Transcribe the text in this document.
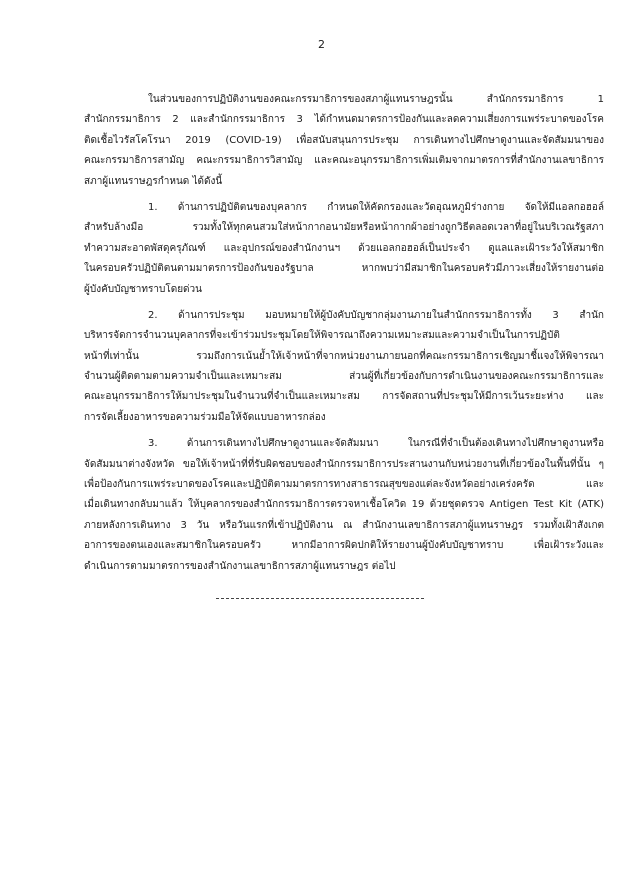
2
ในส่วนของการปฏิบัติงานของคณะกรรมาธิการของสภาผู้แทนราษฎรนั้น สำนักกรรมาธิการ 1
สำนักกรรมาธิการ 2 และสำนักกรรมาธิการ 3 ได้กำหนดมาตรการป้องกันและลดความเสี่ยงการแพร่ระบาดของโรค
ติดเชื้อไวรัสโคโรนา 2019 (COVID-19) เพื่อสนับสนุนการประชุม การเดินทางไปศึกษาดูงานและจัดสัมมนาของ
คณะกรรมาธิการสามัญ คณะกรรมาธิการวิสามัญ และคณะอนุกรรมาธิการเพิ่มเติมจากมาตรการที่สำนักงานเลขาธิการ
สภาผู้แทนราษฎรกำหนด ได้ดังนี้
1. ด้านการปฏิบัติตนของบุคลากร กำหนดให้คัดกรองและวัดอุณหภูมิร่างกาย จัดให้มีแอลกอฮอล์
สำหรับล้างมือ รวมทั้งให้ทุกคนสวมใส่หน้ากากอนามัยหรือหน้ากากผ้าอย่างถูกวิธีตลอดเวลาที่อยู่ในบริเวณรัฐสภา
ทำความสะอาดพัสดุครุภัณฑ์ และอุปกรณ์ของสำนักงานฯ ด้วยแอลกอฮอล์เป็นประจำ ดูแลและเฝ้าระวังให้สมาชิก
ในครอบครัวปฏิบัติตนตามมาตรการป้องกันของรัฐบาล หากพบว่ามีสมาชิกในครอบครัวมีภาวะเสี่ยงให้รายงานต่อ
ผู้บังคับบัญชาทราบโดยด่วน
2. ด้านการประชุม มอบหมายให้ผู้บังคับบัญชากลุ่มงานภายในสำนักกรรมาธิการทั้ง 3 สำนัก
บริหารจัดการจำนวนบุคลากรที่จะเข้าร่วมประชุมโดยให้พิจารณาถึงความเหมาะสมและความจำเป็นในการปฏิบัติ
หน้าที่เท่านั้น รวมถึงการเน้นย้ำให้เจ้าหน้าที่จากหน่วยงานภายนอกที่คณะกรรมาธิการเชิญมาชี้แจงให้พิจารณา
จำนวนผู้ติดตามตามความจำเป็นและเหมาะสม ส่วนผู้ที่เกี่ยวข้องกับการดำเนินงานของคณะกรรมาธิการและ
คณะอนุกรรมาธิการให้มาประชุมในจำนวนที่จำเป็นและเหมาะสม การจัดสถานที่ประชุมให้มีการเว้นระยะห่าง และ
การจัดเลี้ยงอาหารขอความร่วมมือให้จัดแบบอาหารกล่อง
3. ด้านการเดินทางไปศึกษาดูงานและจัดสัมมนา ในกรณีที่จำเป็นต้องเดินทางไปศึกษาดูงานหรือ
จัดสัมมนาต่างจังหวัด ขอให้เจ้าหน้าที่ที่รับผิดชอบของสำนักกรรมาธิการประสานงานกับหน่วยงานที่เกี่ยวข้องในพื้นที่นั้น ๆ
เพื่อป้องกันการแพร่ระบาดของโรคและปฏิบัติตามมาตรการทางสาธารณสุขของแต่ละจังหวัดอย่างเคร่งครัด และ
เมื่อเดินทางกลับมาแล้ว ให้บุคลากรของสำนักกรรมาธิการตรวจหาเชื้อโควิด 19 ด้วยชุดตรวจ Antigen Test Kit (ATK)
ภายหลังการเดินทาง 3 วัน หรือวันแรกที่เข้าปฏิบัติงาน ณ สำนักงานเลขาธิการสภาผู้แทนราษฎร รวมทั้งเฝ้าสังเกต
อาการของตนเองและสมาชิกในครอบครัว หากมีอาการผิดปกติให้รายงานผู้บังคับบัญชาทราบ เพื่อเฝ้าระวังและ
ดำเนินการตามมาตรการของสำนักงานเลขาธิการสภาผู้แทนราษฎร ต่อไป
